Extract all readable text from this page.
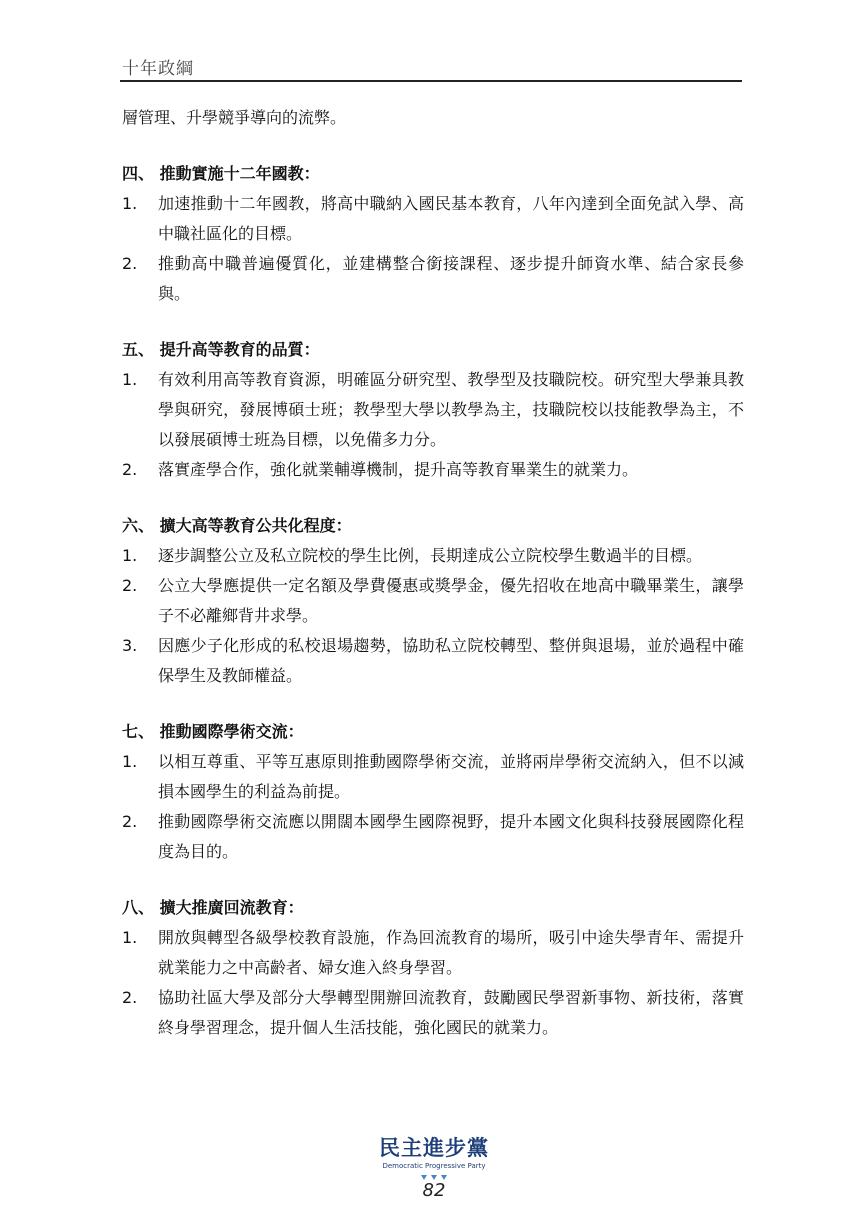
十年政綱

層管理、升學競爭導向的流弊。

四、 推動實施十二年國教：

1.	加速推動十二年國教，將高中職納入國民基本教育，八年內達到全面免試入學、高中職社區化的目標。
2.	推動高中職普遍優質化，並建構整合銜接課程、逐步提升師資水準、結合家長參與。

五、 提升高等教育的品質：

1.	有效利用高等教育資源，明確區分研究型、教學型及技職院校。研究型大學兼具教學與研究，發展博碩士班；教學型大學以教學為主，技職院校以技能教學為主，不以發展碩博士班為目標，以免備多力分。
2.	落實產學合作，強化就業輔導機制，提升高等教育畢業生的就業力。

六、 擴大高等教育公共化程度：

1.	逐步調整公立及私立院校的學生比例，長期達成公立院校學生數過半的目標。
2.	公立大學應提供一定名額及學費優惠或獎學金，優先招收在地高中職畢業生，讓學子不必離鄉背井求學。
3.	因應少子化形成的私校退場趨勢，協助私立院校轉型、整併與退場，並於過程中確保學生及教師權益。

七、 推動國際學術交流：

1.	以相互尊重、平等互惠原則推動國際學術交流，並將兩岸學術交流納入，但不以減損本國學生的利益為前提。
2.	推動國際學術交流應以開闊本國學生國際視野，提升本國文化與科技發展國際化程度為目的。

八、 擴大推廣回流教育：

1.	開放與轉型各級學校教育設施，作為回流教育的場所，吸引中途失學青年、需提升就業能力之中高齡者、婦女進入終身學習。
2.	協助社區大學及部分大學轉型開辦回流教育，鼓勵國民學習新事物、新技術，落實終身學習理念，提升個人生活技能，強化國民的就業力。
民主進步黨
Democratic Progressive Party
82
